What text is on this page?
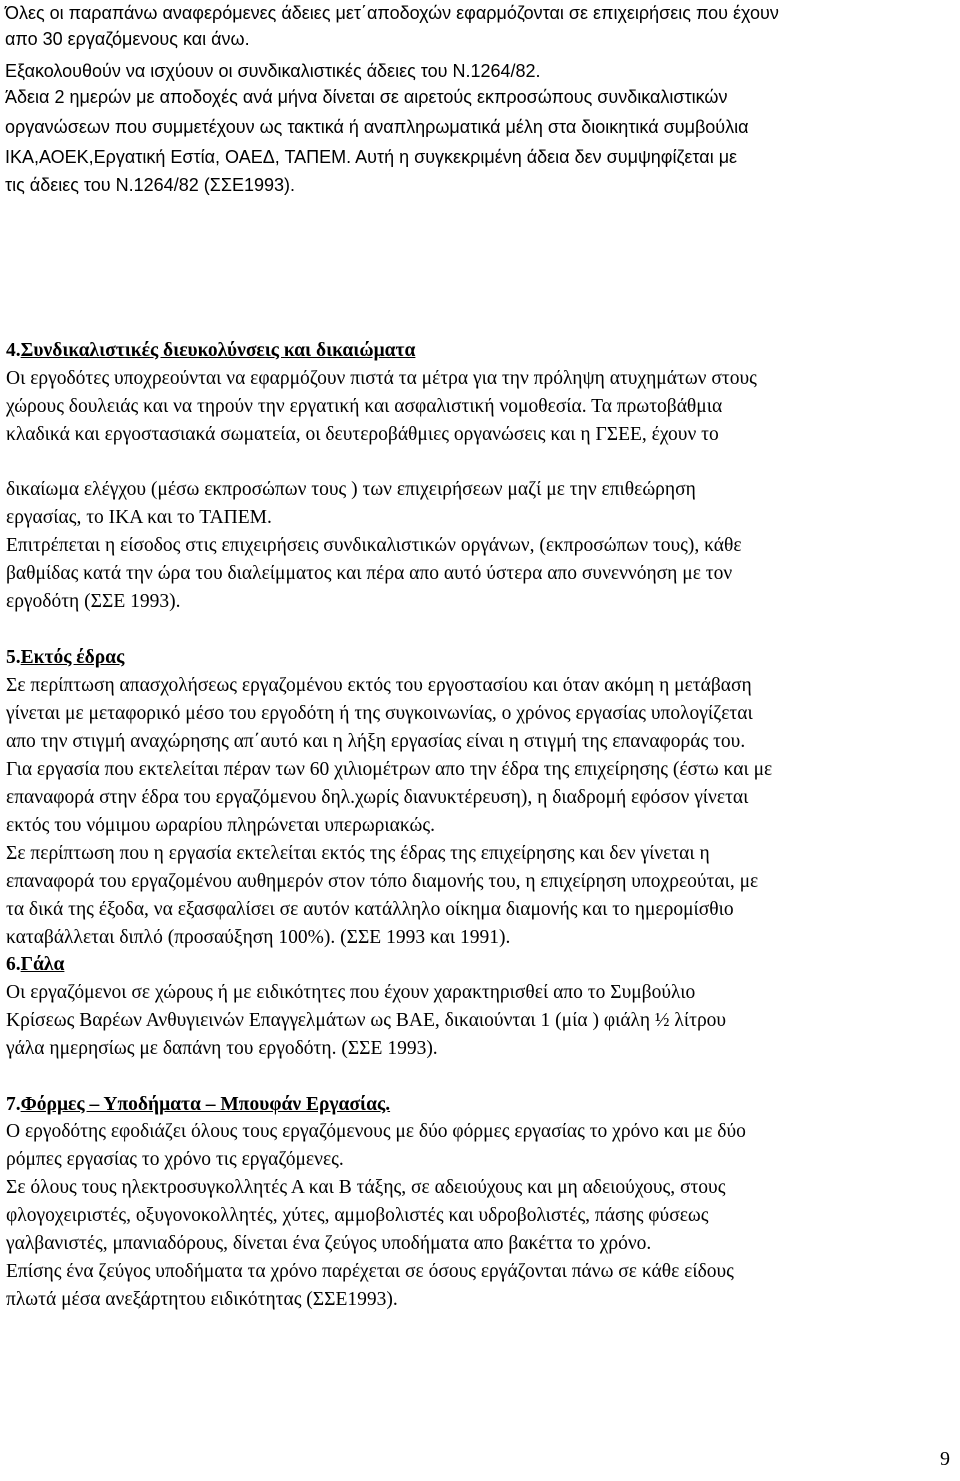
Όλες οι παραπάνω αναφερόμενες άδειες μετ΄αποδοχών εφαρμόζονται σε επιχειρήσεις που έχουν
απο 30 εργαζόμενους και άνω.
Εξακολουθούν να ισχύουν οι συνδικαλιστικές άδειες του Ν.1264/82.
Άδεια 2 ημερών με αποδοχές ανά μήνα δίνεται σε αιρετούς εκπροσώπους συνδικαλιστικών
οργανώσεων που συμμετέχουν ως τακτικά ή αναπληρωματικά μέλη στα διοικητικά συμβούλια
ΙΚΑ,ΑΟΕΚ,Εργατική Εστία, ΟΑΕΔ, ΤΑΠΕΜ. Αυτή η συγκεκριμένη άδεια δεν συμψηφίζεται με
τις άδειες του Ν.1264/82 (ΣΣΕ1993).
4.Συνδικαλιστικές διευκολύνσεις και δικαιώματα
Οι εργοδότες υποχρεούνται να εφαρμόζουν πιστά τα μέτρα για την πρόληψη ατυχημάτων στους
χώρους δουλειάς και να τηρούν την εργατική και ασφαλιστική νομοθεσία. Τα πρωτοβάθμια
κλαδικά και εργοστασιακά σωματεία, οι δευτεροβάθμιες οργανώσεις και η ΓΣΕΕ, έχουν το
δικαίωμα ελέγχου (μέσω εκπροσώπων τους ) των επιχειρήσεων μαζί με την επιθεώρηση
εργασίας, το ΙΚΑ και το ΤΑΠΕΜ.
Επιτρέπεται η είσοδος στις επιχειρήσεις συνδικαλιστικών οργάνων, (εκπροσώπων τους), κάθε
βαθμίδας κατά την ώρα του διαλείμματος και πέρα απο αυτό ύστερα απο συνεννόηση με τον
εργοδότη (ΣΣΕ 1993).
5.Εκτός έδρας
Σε περίπτωση απασχολήσεως εργαζομένου εκτός του εργοστασίου και όταν ακόμη η μετάβαση
γίνεται με μεταφορικό μέσο του εργοδότη ή της συγκοινωνίας, ο χρόνος εργασίας υπολογίζεται
απο την στιγμή αναχώρησης απ΄αυτό και η λήξη εργασίας είναι η στιγμή της επαναφοράς του.
Για εργασία που εκτελείται πέραν των 60 χιλιομέτρων απο την έδρα της επιχείρησης (έστω και με
επαναφορά στην έδρα του εργαζόμενου δηλ.χωρίς διανυκτέρευση), η διαδρομή εφόσον γίνεται
εκτός του νόμιμου ωραρίου πληρώνεται υπερωριακώς.
Σε περίπτωση που η εργασία εκτελείται εκτός της έδρας της επιχείρησης και δεν γίνεται η
επαναφορά του εργαζομένου αυθημερόν στον τόπο διαμονής του, η επιχείρηση υποχρεούται, με
τα δικά της έξοδα, να εξασφαλίσει σε αυτόν κατάλληλο οίκημα διαμονής και το ημερομίσθιο
καταβάλλεται διπλό (προσαύξηση 100%). (ΣΣΕ 1993 και 1991).
6.Γάλα
Οι εργαζόμενοι σε χώρους ή με ειδικότητες που έχουν χαρακτηρισθεί απο το Συμβούλιο
Κρίσεως Βαρέων Ανθυγιεινών Επαγγελμάτων ως ΒΑΕ, δικαιούνται 1 (μία ) φιάλη ½ λίτρου
γάλα ημερησίως με δαπάνη του εργοδότη. (ΣΣΕ 1993).
7.Φόρμες – Υποδήματα – Μπουφάν Εργασίας.
Ο εργοδότης εφοδιάζει όλους τους εργαζόμενους με δύο φόρμες εργασίας το χρόνο και με δύο
ρόμπες εργασίας το χρόνο τις εργαζόμενες.
Σε όλους τους ηλεκτροσυγκολλητές Α και Β τάξης, σε αδειούχους και μη αδειούχους, στους
φλογοχειριστές, οξυγονοκολλητές, χύτες, αμμοβολιστές και υδροβολιστές, πάσης φύσεως
γαλβανιστές, μπανιαδόρους, δίνεται ένα ζεύγος υποδήματα απο βακέττα το χρόνο.
Επίσης ένα ζεύγος υποδήματα τα χρόνο παρέχεται σε όσους εργάζονται πάνω σε κάθε είδους
πλωτά μέσα ανεξάρτητου ειδικότητας (ΣΣΕ1993).
9
